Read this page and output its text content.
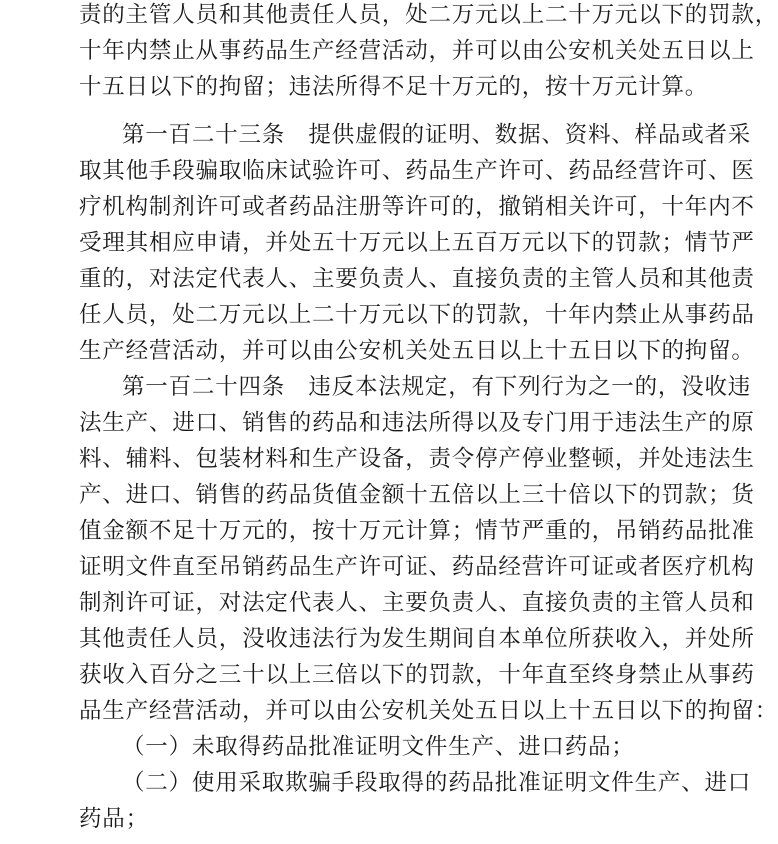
责的主管人员和其他责任人员，处二万元以上二十万元以下的罚款，
十年内禁止从事药品生产经营活动，并可以由公安机关处五日以上
十五日以下的拘留；违法所得不足十万元的，按十万元计算。
第一百二十三条　提供虚假的证明、数据、资料、样品或者采
取其他手段骗取临床试验许可、药品生产许可、药品经营许可、医
疗机构制剂许可或者药品注册等许可的，撤销相关许可，十年内不
受理其相应申请，并处五十万元以上五百万元以下的罚款；情节严
重的，对法定代表人、主要负责人、直接负责的主管人员和其他责
任人员，处二万元以上二十万元以下的罚款，十年内禁止从事药品
生产经营活动，并可以由公安机关处五日以上十五日以下的拘留。
第一百二十四条　违反本法规定，有下列行为之一的，没收违
法生产、进口、销售的药品和违法所得以及专门用于违法生产的原
料、辅料、包装材料和生产设备，责令停产停业整顿，并处违法生
产、进口、销售的药品货值金额十五倍以上三十倍以下的罚款；货
值金额不足十万元的，按十万元计算；情节严重的，吊销药品批准
证明文件直至吊销药品生产许可证、药品经营许可证或者医疗机构
制剂许可证，对法定代表人、主要负责人、直接负责的主管人员和
其他责任人员，没收违法行为发生期间自本单位所获收入，并处所
获收入百分之三十以上三倍以下的罚款，十年直至终身禁止从事药
品生产经营活动，并可以由公安机关处五日以上十五日以下的拘留：
（一）未取得药品批准证明文件生产、进口药品；
（二）使用采取欺骗手段取得的药品批准证明文件生产、进口
药品；
